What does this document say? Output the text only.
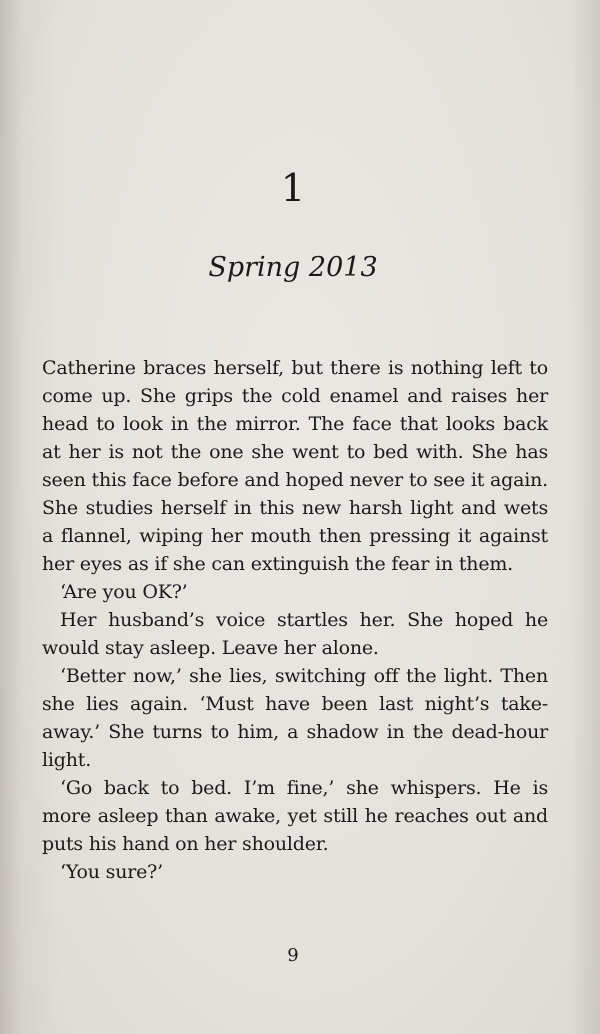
1
Spring 2013

Catherine braces herself, but there is nothing left to come up. She grips the cold enamel and raises her head to look in the mirror. The face that looks back at her is not the one she went to bed with. She has seen this face before and hoped never to see it again. She studies herself in this new harsh light and wets a flannel, wiping her mouth then pressing it against her eyes as if she can extinguish the fear in them.

‘Are you OK?’

Her husband’s voice startles her. She hoped he would stay asleep. Leave her alone.

‘Better now,’ she lies, switching off the light. Then she lies again. ‘Must have been last night’s take-away.’ She turns to him, a shadow in the dead-hour light.

‘Go back to bed. I’m fine,’ she whispers. He is more asleep than awake, yet still he reaches out and puts his hand on her shoulder.

‘You sure?’

9
